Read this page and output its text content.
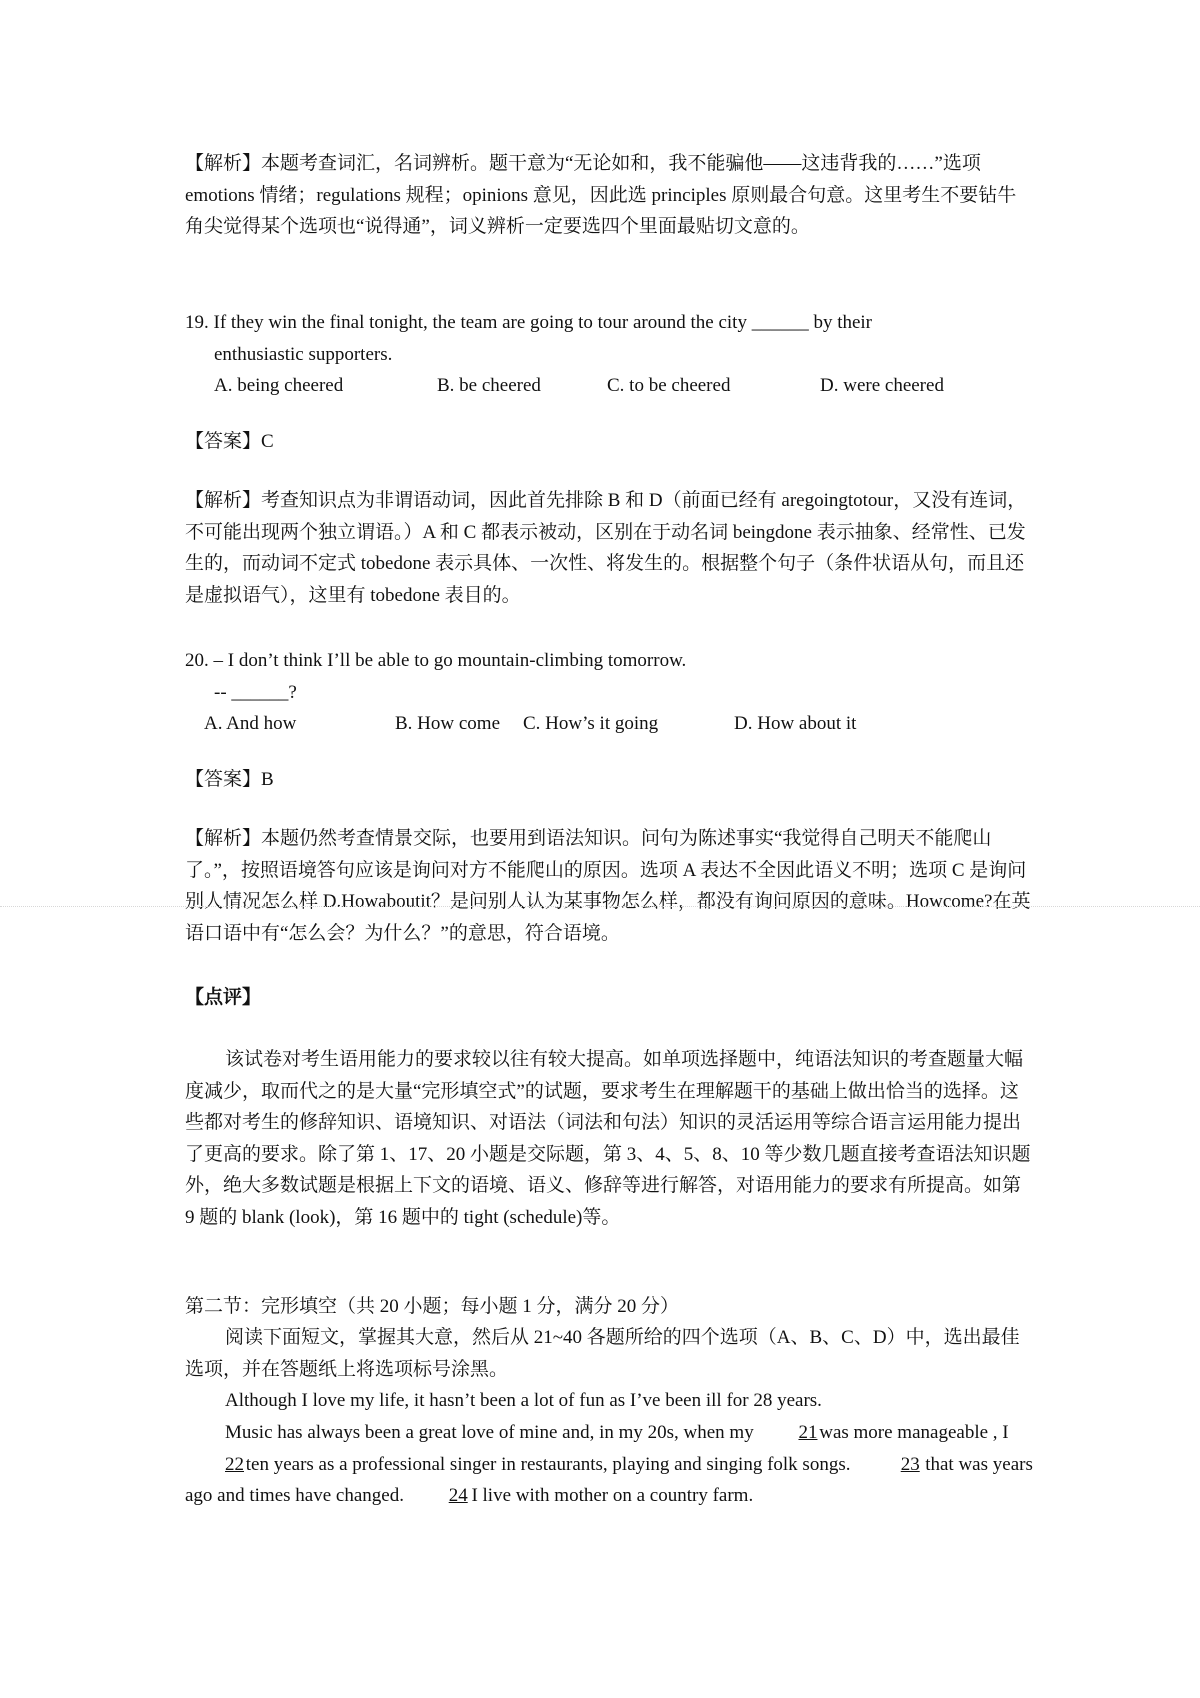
【解析】本题考查词汇，名词辨析。题干意为“无论如和，我不能骗他——这违背我的……”选项 emotions 情绪；regulations 规程；opinions 意见，因此选 principles 原则最合句意。这里考生不要钻牛角尖觉得某个选项也“说得通”，词义辨析一定要选四个里面最贴切文意的。
19. If they win the final tonight, the team are going to tour around the city ______ by their
enthusiastic supporters.
A. being cheered	B. be cheered	C. to be cheered	D. were cheered
【答案】C
【解析】考查知识点为非谓语动词，因此首先排除 B 和 D（前面已经有 aregoingtotour，又没有连词，不可能出现两个独立谓语。）A 和 C 都表示被动，区别在于动名词 beingdone 表示抽象、经常性、已发生的，而动词不定式 tobedone 表示具体、一次性、将发生的。根据整个句子（条件状语从句，而且还是虚拟语气），这里有 tobedone 表目的。
20. – I don’t think I’ll be able to go mountain-climbing tomorrow.
-- ______?
A. And how	B. How come	C. How’s it going	D. How about it
【答案】B
【解析】本题仍然考查情景交际，也要用到语法知识。问句为陈述事实“我觉得自己明天不能爬山了。”，按照语境答句应该是询问对方不能爬山的原因。选项 A 表达不全因此语义不明；选项 C 是询问别人情况怎么样 D.Howaboutit？是问别人认为某事物怎么样，都没有询问原因的意味。Howcome?在英语口语中有“怎么会？为什么？”的意思，符合语境。
【点评】
该试卷对考生语用能力的要求较以往有较大提高。如单项选择题中，纯语法知识的考查题量大幅度减少，取而代之的是大量“完形填空式”的试题，要求考生在理解题干的基础上做出恰当的选择。这些都对考生的修辞知识、语境知识、对语法（词法和句法）知识的灵活运用等综合语言运用能力提出了更高的要求。除了第 1、17、20 小题是交际题，第 3、4、5、8、10 等少数几题直接考查语法知识题外，绝大多数试题是根据上下文的语境、语义、修辞等进行解答，对语用能力的要求有所提高。如第 9 题的 blank (look)，第 16 题中的 tight (schedule)等。
第二节：完形填空（共 20 小题；每小题 1 分，满分 20 分）
阅读下面短文，掌握其大意，然后从 21~40 各题所给的四个选项（A、B、C、D）中，选出最佳选项，并在答题纸上将选项标号涂黑。
Although I love my life, it hasn’t been a lot of fun as I’ve been ill for 28 years.
Music has always been a great love of mine and, in my 20s, when my 21 was more manageable , I 22 ten years as a professional singer in restaurants, playing and singing folk songs. 23 that was years ago and times have changed. 24 I live with mother on a country farm.
